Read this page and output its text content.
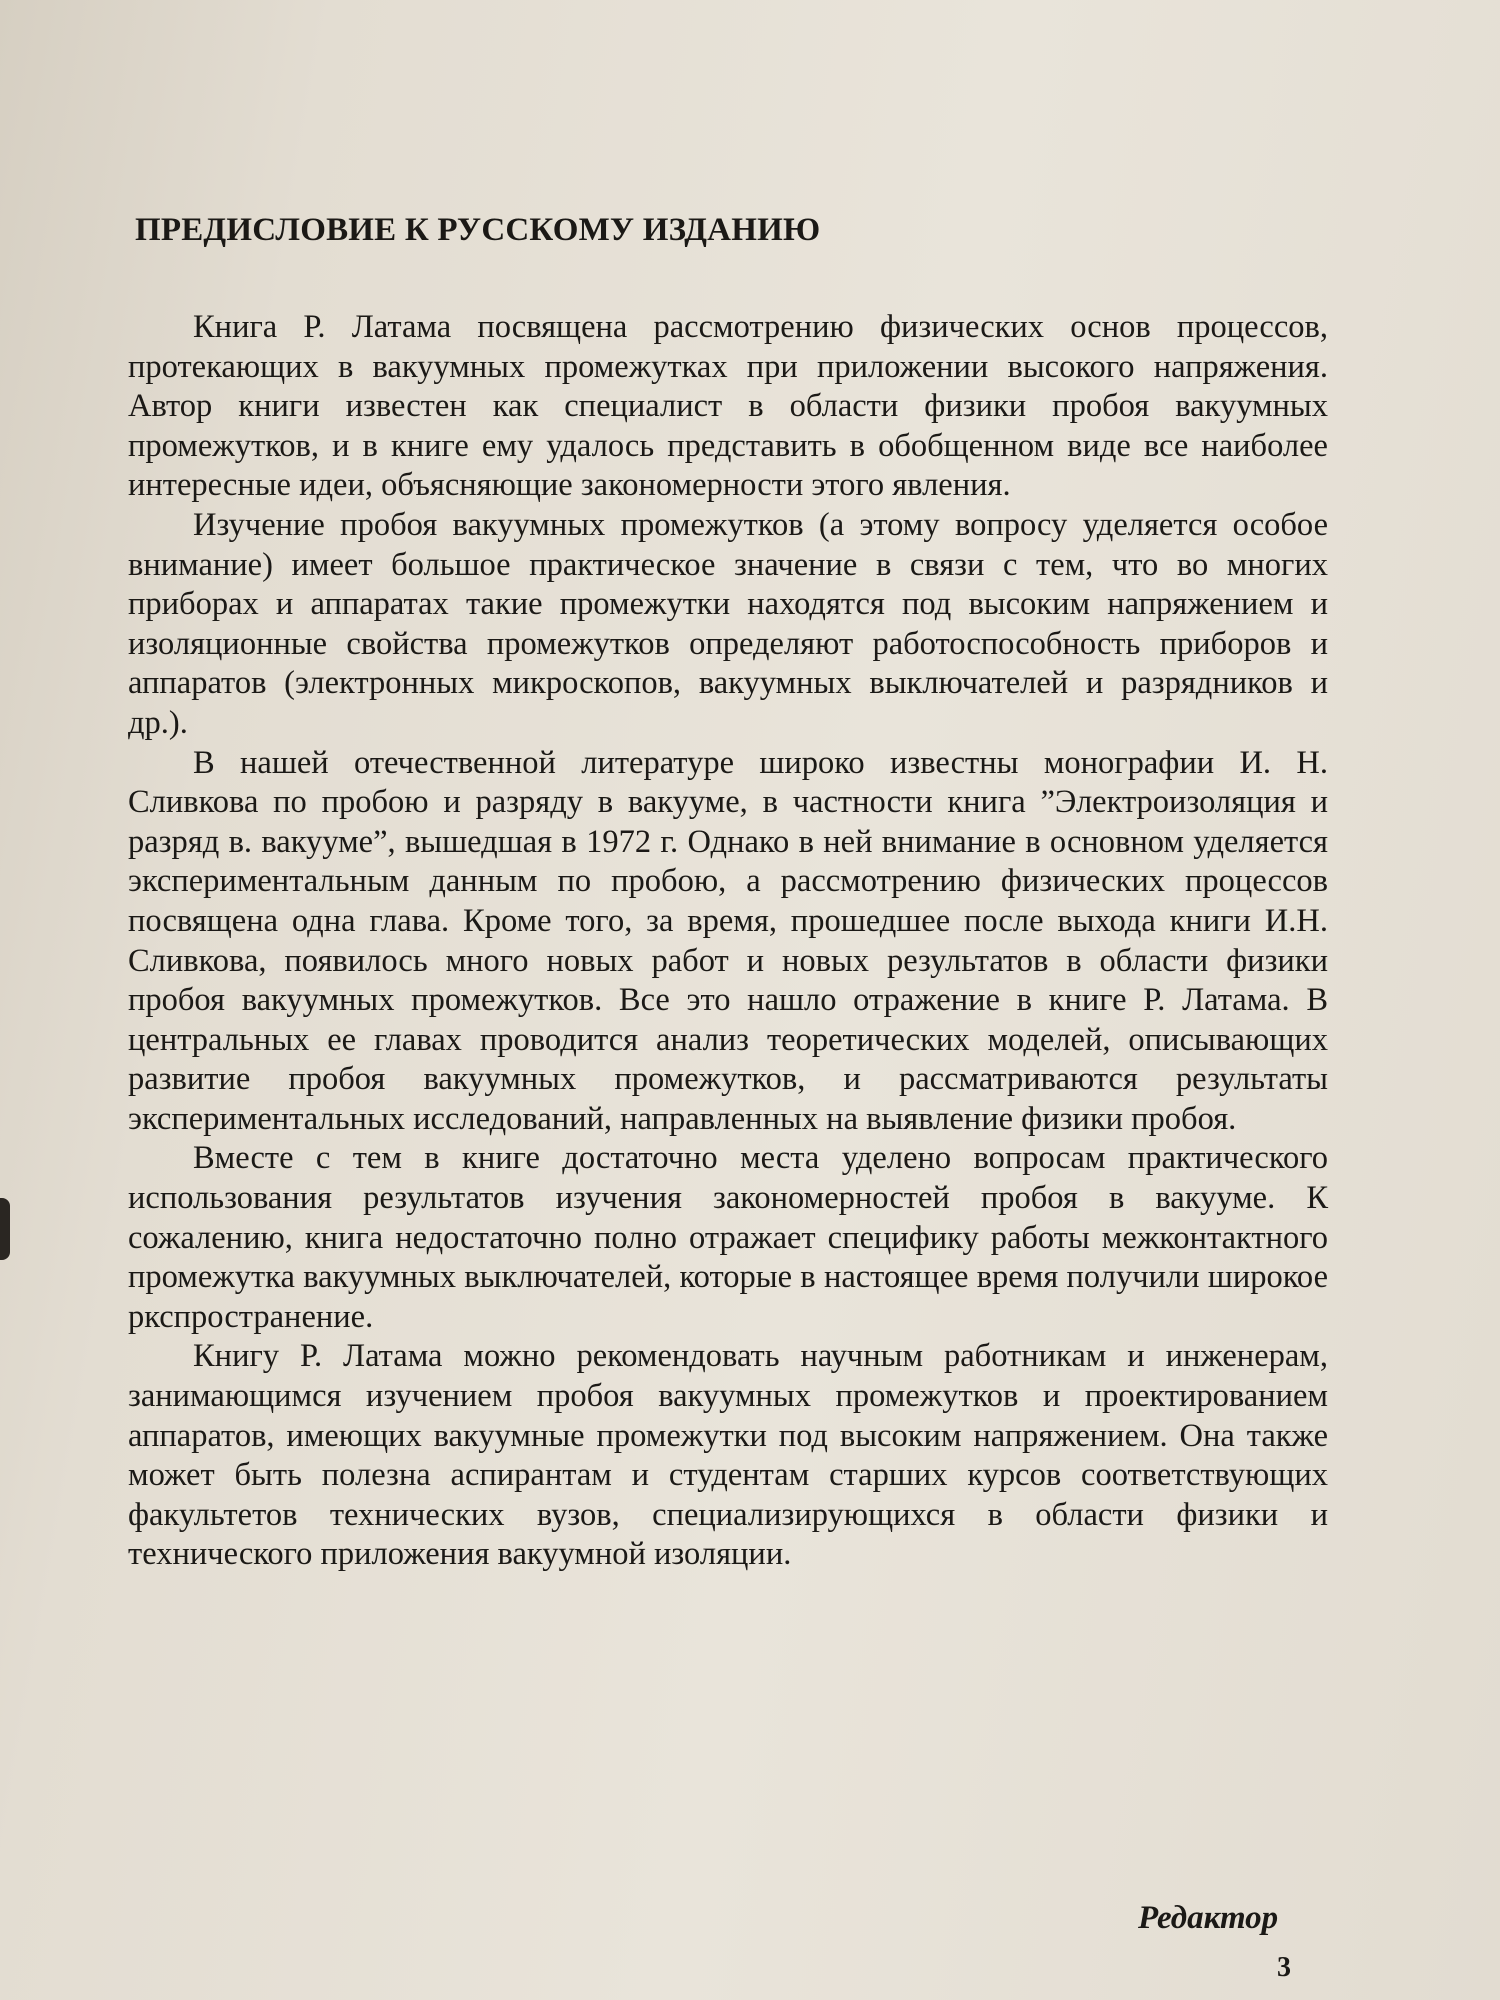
ПРЕДИСЛОВИЕ К РУССКОМУ ИЗДАНИЮ

Книга Р. Латама посвящена рассмотрению физических основ процессов, протекающих в вакуумных промежутках при приложении высокого напряжения. Автор книги известен как специалист в области физики пробоя вакуумных промежутков, и в книге ему удалось представить в обобщенном виде все наиболее интересные идеи, объясняющие закономерности этого явления.

Изучение пробоя вакуумных промежутков (а этому вопросу уделяется особое внимание) имеет большое практическое значение в связи с тем, что во многих приборах и аппаратах такие промежутки находятся под высоким напряжением и изоляционные свойства промежутков определяют работоспособность приборов и аппаратов (электронных микроскопов, вакуумных выключателей и разрядников и др.).

В нашей отечественной литературе широко известны монографии И. Н. Сливкова по пробою и разряду в вакууме, в частности книга ”Электроизоляция и разряд в. вакууме”, вышедшая в 1972 г. Однако в ней внимание в основном уделяется экспериментальным данным по пробою, а рассмотрению физических процессов посвящена одна глава. Кроме того, за время, прошедшее после выхода книги И.Н. Сливкова, появилось много новых работ и новых результатов в области физики пробоя вакуумных промежутков. Все это нашло отражение в книге Р. Латама. В центральных ее главах проводится анализ теоретических моделей, описывающих развитие пробоя вакуумных промежутков, и рассматриваются результаты экспериментальных исследований, направленных на выявление физики пробоя.

Вместе с тем в книге достаточно места уделено вопросам практического использования результатов изучения закономерностей пробоя в вакууме. К сожалению, книга недостаточно полно отражает специфику работы межконтактного промежутка вакуумных выключателей, которые в настоящее время получили широкое ркспространение.

Книгу Р. Латама можно рекомендовать научным работникам и инженерам, занимающимся изучением пробоя вакуумных промежутков и проектированием аппаратов, имеющих вакуумные промежутки под высоким напряжением. Она также может быть полезна аспирантам и студентам старших курсов соответствующих факультетов технических вузов, специализирующихся в области физики и технического приложения вакуумной изоляции.

Редактор
3
